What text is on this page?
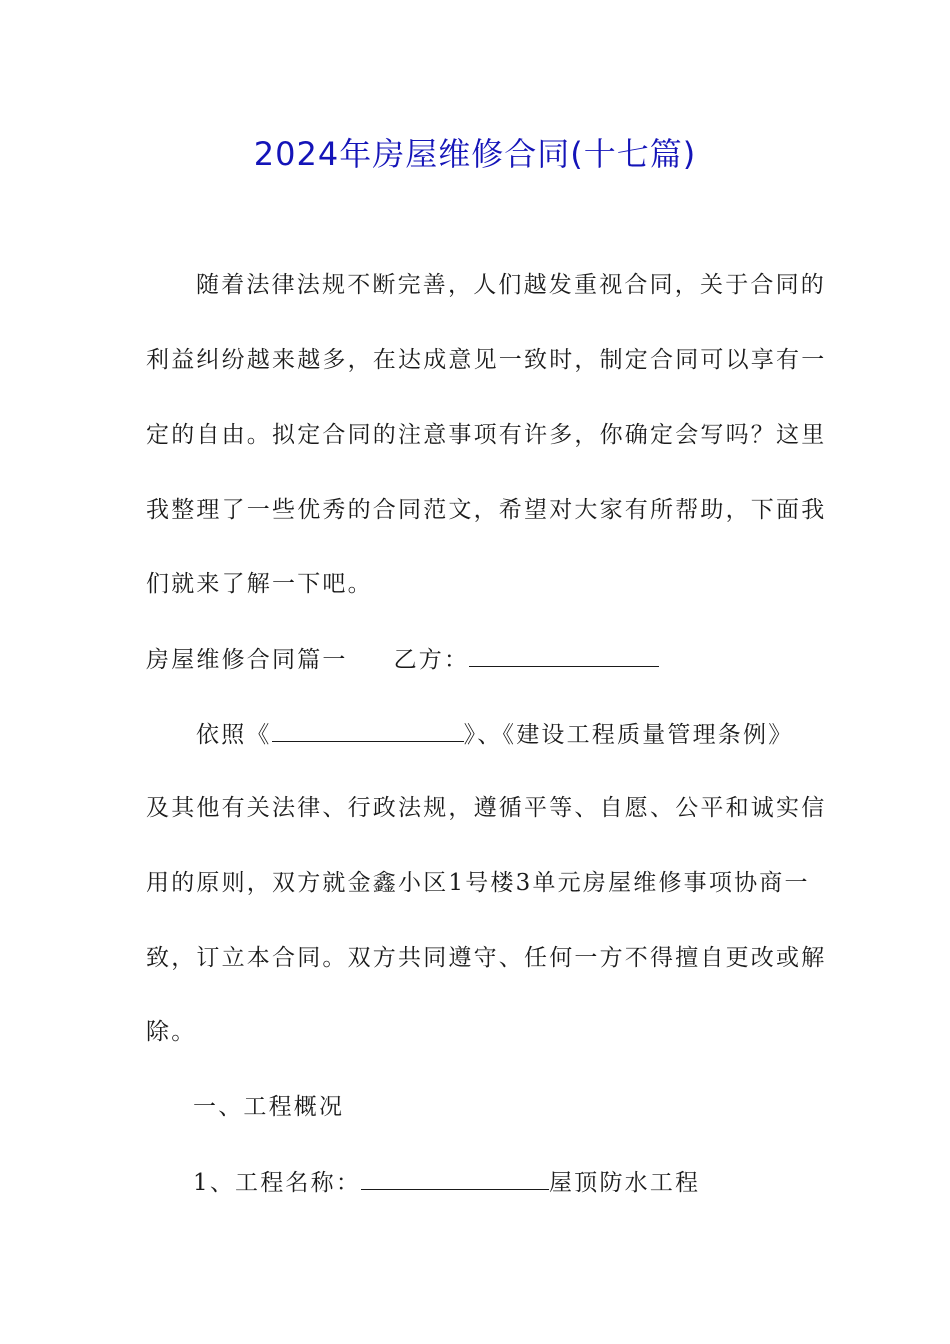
2024年房屋维修合同(十七篇)
随着法律法规不断完善，人们越发重视合同，关于合同的
利益纠纷越来越多，在达成意见一致时，制定合同可以享有一
定的自由。拟定合同的注意事项有许多，你确定会写吗？这里
我整理了一些优秀的合同范文，希望对大家有所帮助，下面我
们就来了解一下吧。
房屋维修合同篇一 乙方：
依照《	》、《建设工程质量管理条例》
及其他有关法律、行政法规，遵循平等、自愿、公平和诚实信
用的原则，双方就金鑫小区1号楼3单元房屋维修事项协商一
致，订立本合同。双方共同遵守、任何一方不得擅自更改或解
除。
一、工程概况
1、工程名称：	屋顶防水工程
